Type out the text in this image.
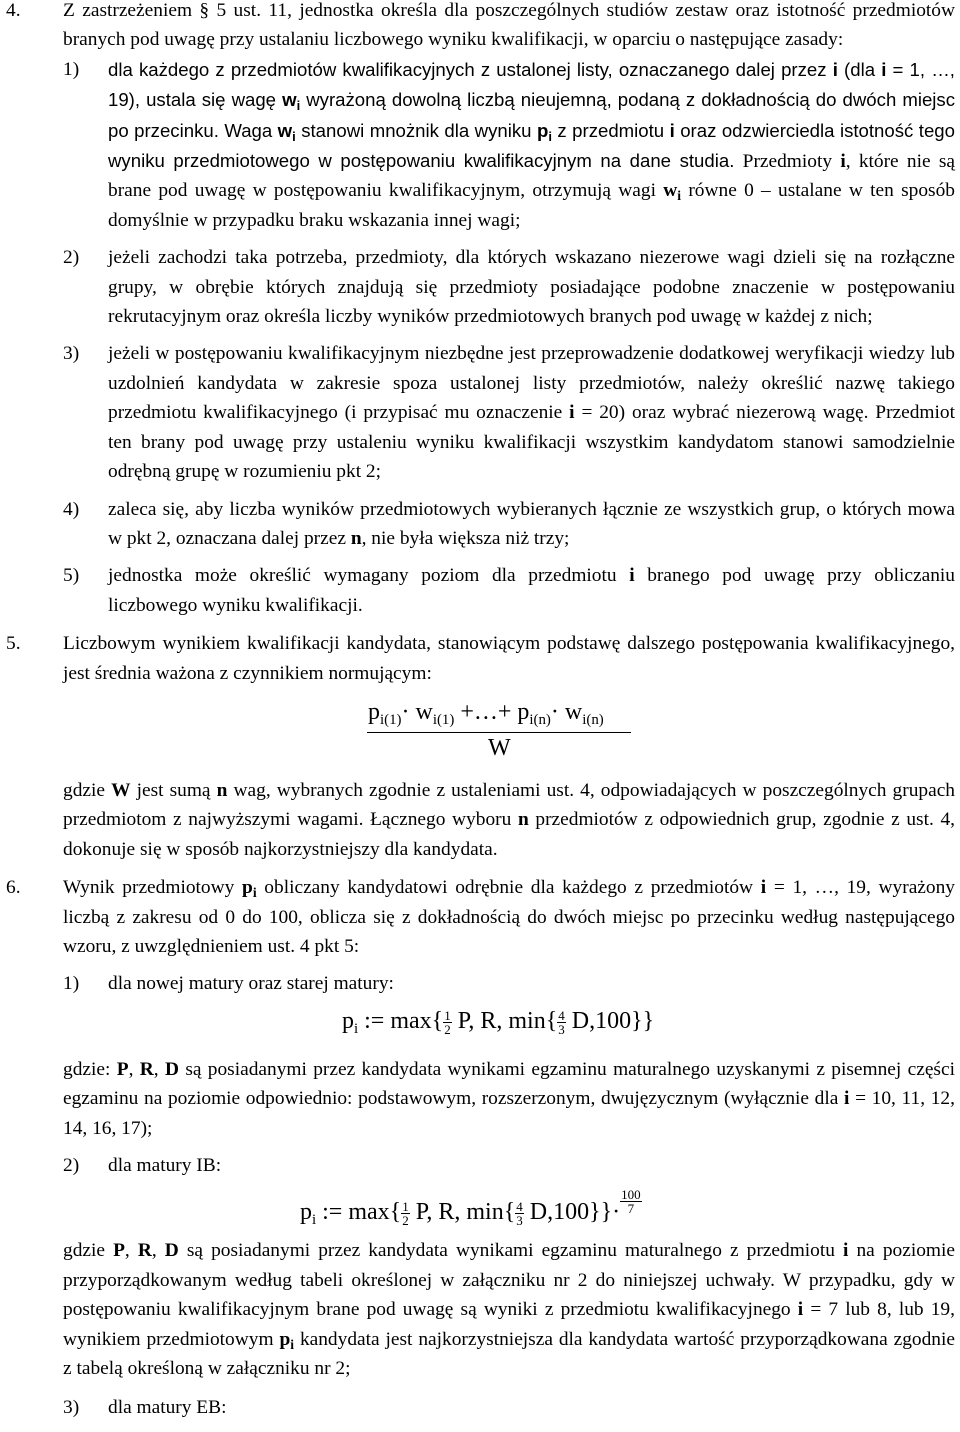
4. Z zastrzeżeniem § 5 ust. 11, jednostka określa dla poszczególnych studiów zestaw oraz istotność przedmiotów branych pod uwagę przy ustalaniu liczbowego wyniku kwalifikacji, w oparciu o następujące zasady:

1) dla każdego z przedmiotów kwalifikacyjnych z ustalonej listy, oznaczanego dalej przez i (dla i = 1, …, 19), ustala się wagę $w_i$ wyrażoną dowolną liczbą nieujemną, podaną z dokładnością do dwóch miejsc po przecinku. Waga $w_i$ stanowi mnożnik dla wyniku $p_i$ z przedmiotu i oraz odzwierciedla istotność tego wyniku przedmiotowego w postępowaniu kwalifikacyjnym na dane studia. Przedmioty i, które nie są brane pod uwagę w postępowaniu kwalifikacyjnym, otrzymują wagi $w_i$ równe 0 – ustalane w ten sposób domyślnie w przypadku braku wskazania innej wagi;

2) jeżeli zachodzi taka potrzeba, przedmioty, dla których wskazano niezerowe wagi dzieli się na rozłączne grupy, w obrębie których znajdują się przedmioty posiadające podobne znaczenie w postępowaniu rekrutacyjnym oraz określa liczby wyników przedmiotowych branych pod uwagę w każdej z nich;

3) jeżeli w postępowaniu kwalifikacyjnym niezbędne jest przeprowadzenie dodatkowej weryfikacji wiedzy lub uzdolnień kandydata w zakresie spoza ustalonej listy przedmiotów, należy określić nazwę takiego przedmiotu kwalifikacyjnego (i przypisać mu oznaczenie i = 20) oraz wybrać niezerową wagę. Przedmiot ten brany pod uwagę przy ustaleniu wyniku kwalifikacji wszystkim kandydatom stanowi samodzielnie odrębną grupę w rozumieniu pkt 2;

4) zaleca się, aby liczba wyników przedmiotowych wybieranych łącznie ze wszystkich grup, o których mowa w pkt 2, oznaczana dalej przez n, nie była większa niż trzy;

5) jednostka może określić wymagany poziom dla przedmiotu i branego pod uwagę przy obliczaniu liczbowego wyniku kwalifikacji.

5. Liczbowym wynikiem kwalifikacji kandydata, stanowiącym podstawę dalszego postępowania kwalifikacyjnego, jest średnia ważona z czynnikiem normującym:

$p_{i(1)}\cdot w_{i(1)}$ +…+ $p_{i(n)}\cdot w_{i(n)}$
W

gdzie W jest sumą n wag, wybranych zgodnie z ustaleniami ust. 4, odpowiadających w poszczególnych grupach przedmiotom z najwyższymi wagami. Łącznego wyboru n przedmiotów z odpowiednich grup, zgodnie z ust. 4, dokonuje się w sposób najkorzystniejszy dla kandydata.

6. Wynik przedmiotowy $p_i$ obliczany kandydatowi odrębnie dla każdego z przedmiotów i = 1, …, 19, wyrażony liczbą z zakresu od 0 do 100, oblicza się z dokładnością do dwóch miejsc po przecinku według następującego wzoru, z uwzględnieniem ust. 4 pkt 5:

1) dla nowej matury oraz starej matury:

$p_i$ := $\max\{ \frac{1}{2} P$, R, $\min\{ \frac{4}{3} D,100\}$}

gdzie: P, R, D są posiadanymi przez kandydata wynikami egzaminu maturalnego uzyskanymi z pisemnej części egzaminu na poziomie odpowiednio: podstawowym, rozszerzonym, dwujęzycznym (wyłącznie dla i = 10, 11, 12, 14, 16, 17);

2) dla matury IB:

$p_i$ := $\max\{ \frac{1}{2} P$, R, $\min\{ \frac{4}{3} D,100\}\}\cdot \frac{100}{7}$

gdzie P, R, D są posiadanymi przez kandydata wynikami egzaminu maturalnego z przedmiotu i na poziomie przyporządkowanym według tabeli określonej w załączniku nr 2 do niniejszej uchwały. W przypadku, gdy w postępowaniu kwalifikacyjnym brane pod uwagę są wyniki z przedmiotu kwalifikacyjnego i = 7 lub 8, lub 19, wynikiem przedmiotowym $p_i$ kandydata jest najkorzystniejsza dla kandydata wartość przyporządkowana zgodnie z tabelą określoną w załączniku nr 2;

3) dla matury EB:
